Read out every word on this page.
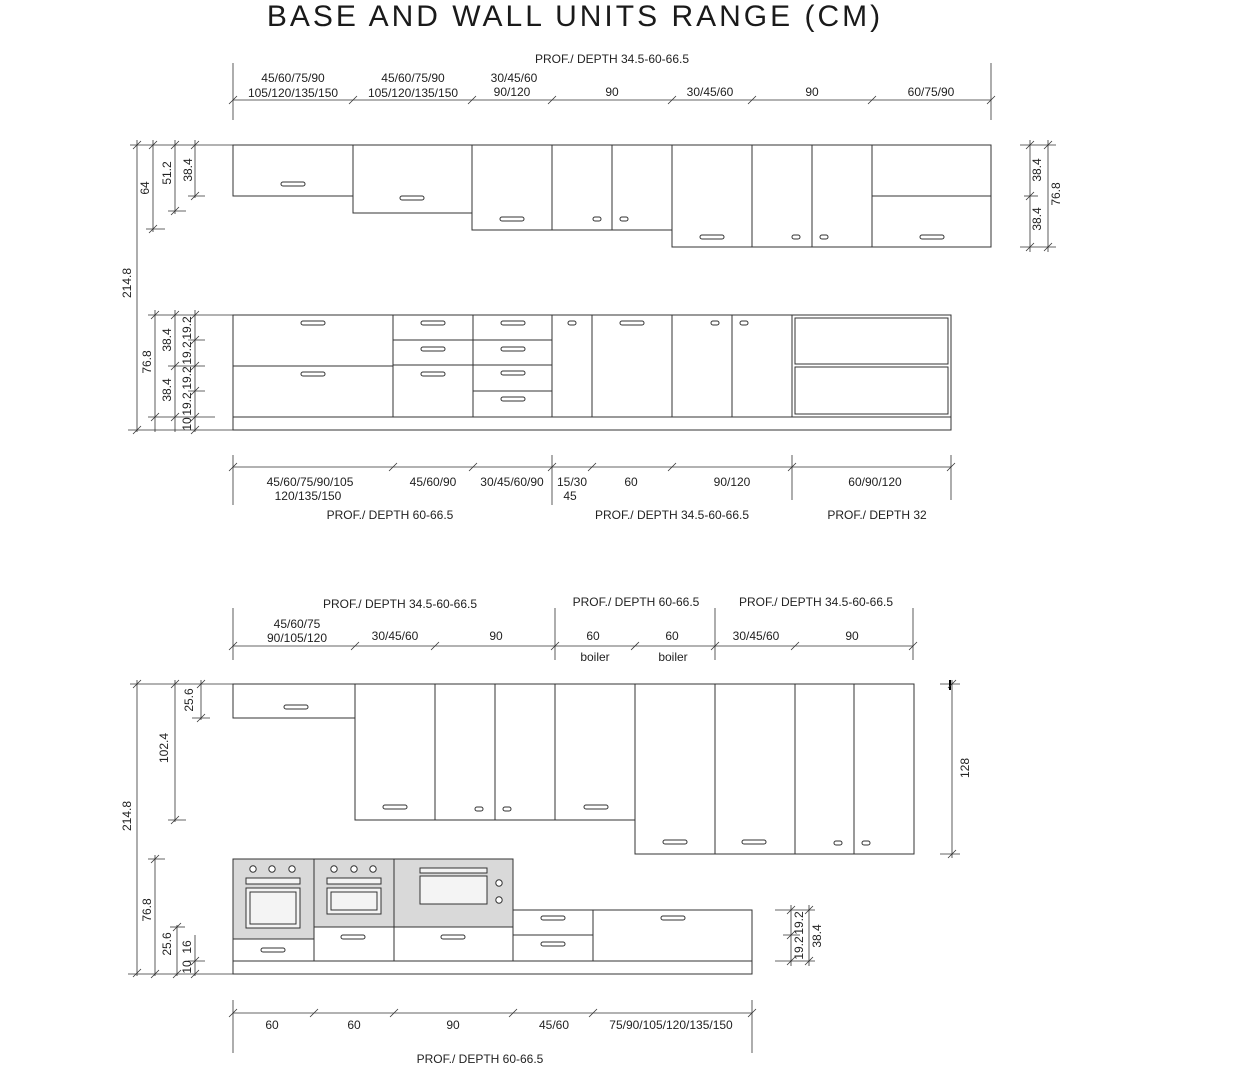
BASE AND WALL UNITS RANGE (CM)
PROF./ DEPTH 34.5-60-66.5
45/60/75/90
105/120/135/150
45/60/75/90
105/120/135/150
30/45/60
90/120	90	30/45/60	90	60/75/90
64
51.2 38.4
214.8
38.4
38.4
76.8
76.8
38.4
38.4
19.2
19.2
19.2
19.2
10
45/60/75/90/105
120/135/150
45/60/90 30/45/60/90 15/30
45
60	90/120	60/90/120
PROF./ DEPTH 60-66.5	PROF./ DEPTH 34.5-60-66.5	PROF./ DEPTH 32
PROF./ DEPTH 34.5-60-66.5	PROF./ DEPTH 60-66.5	PROF./ DEPTH 34.5-60-66.5
45/60/75
90/105/120	30/45/60	90	60	60
boiler	boiler
30/45/60	90
25.6
102.4
214.8
128
76.8
25.6
10
16
19.2
19.2
38.4
60	60	90	45/60	75/90/105/120/135/150
PROF./ DEPTH 60-66.5
